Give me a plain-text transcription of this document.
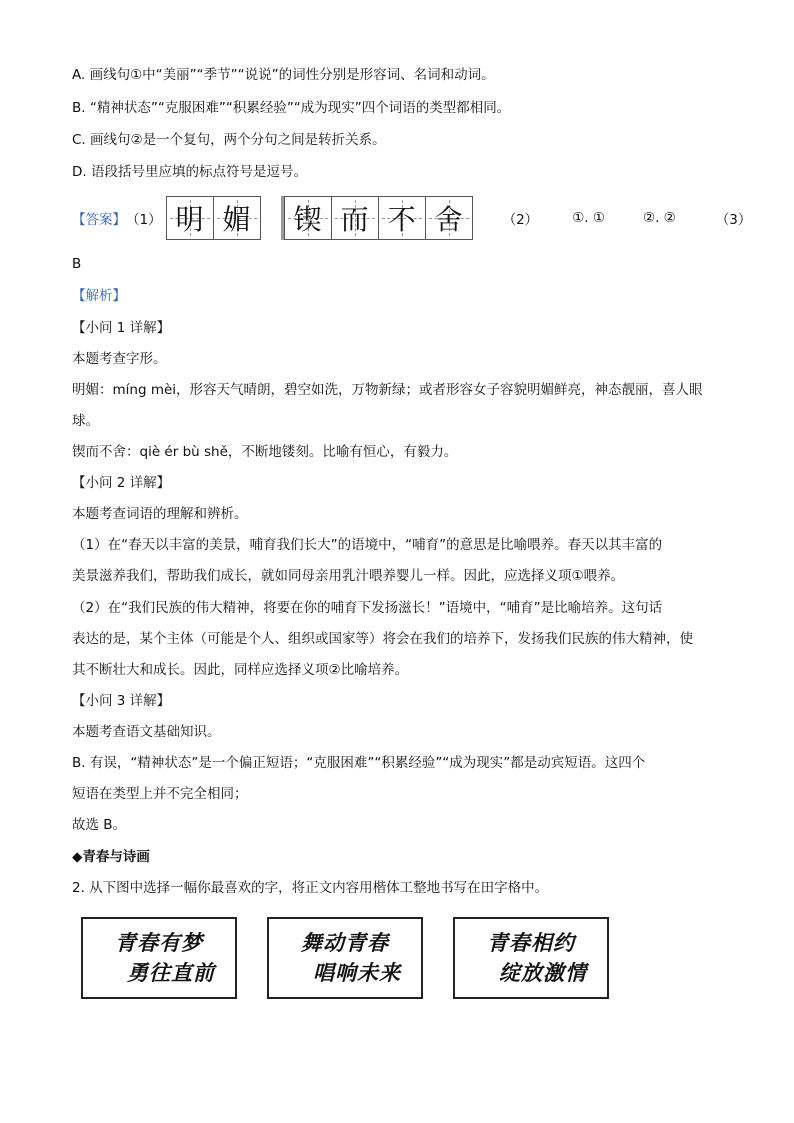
A. 画线句①中“美丽”“季节”“说说”的词性分别是形容词、名词和动词。
B. “精神状态”“克服困难”“积累经验”“成为现实”四个词语的类型都相同。
C. 画线句②是一个复句，两个分句之间是转折关系。
D. 语段括号里应填的标点符号是逗号。
【答案】 （1） 明 媚 锲 而 不 舍	（2）	①. ①	②. ②	（3）
B
【解析】
【小问 1 详解】
本题考查字形。
明媚：míng mèi，形容天气晴朗，碧空如洗，万物新绿；或者形容女子容貌明媚鲜亮，神态靓丽，喜人眼
球。
锲而不舍：qiè ér bù shě，不断地镂刻。比喻有恒心，有毅力。
【小问 2 详解】
本题考查词语的理解和辨析。
（1）在“春天以丰富的美景，哺育我们长大”的语境中，“哺育”的意思是比喻喂养。春天以其丰富的
美景滋养我们，帮助我们成长，就如同母亲用乳汁喂养婴儿一样。因此，应选择义项①喂养。
（2）在“我们民族的伟大精神，将要在你的哺育下发扬滋长！”语境中，“哺育”是比喻培养。这句话
表达的是，某个主体（可能是个人、组织或国家等）将会在我们的培养下，发扬我们民族的伟大精神，使
其不断壮大和成长。因此，同样应选择义项②比喻培养。
【小问 3 详解】
本题考查语文基础知识。
B. 有误，“精神状态”是一个偏正短语；“克服困难”“积累经验”“成为现实”都是动宾短语。这四个
短语在类型上并不完全相同；
故选 B。
◆青春与诗画
2. 从下图中选择一幅你最喜欢的字，将正文内容用楷体工整地书写在田字格中。
青春有梦
勇往直前
舞动青春
唱响未来
青春相约
绽放激情
